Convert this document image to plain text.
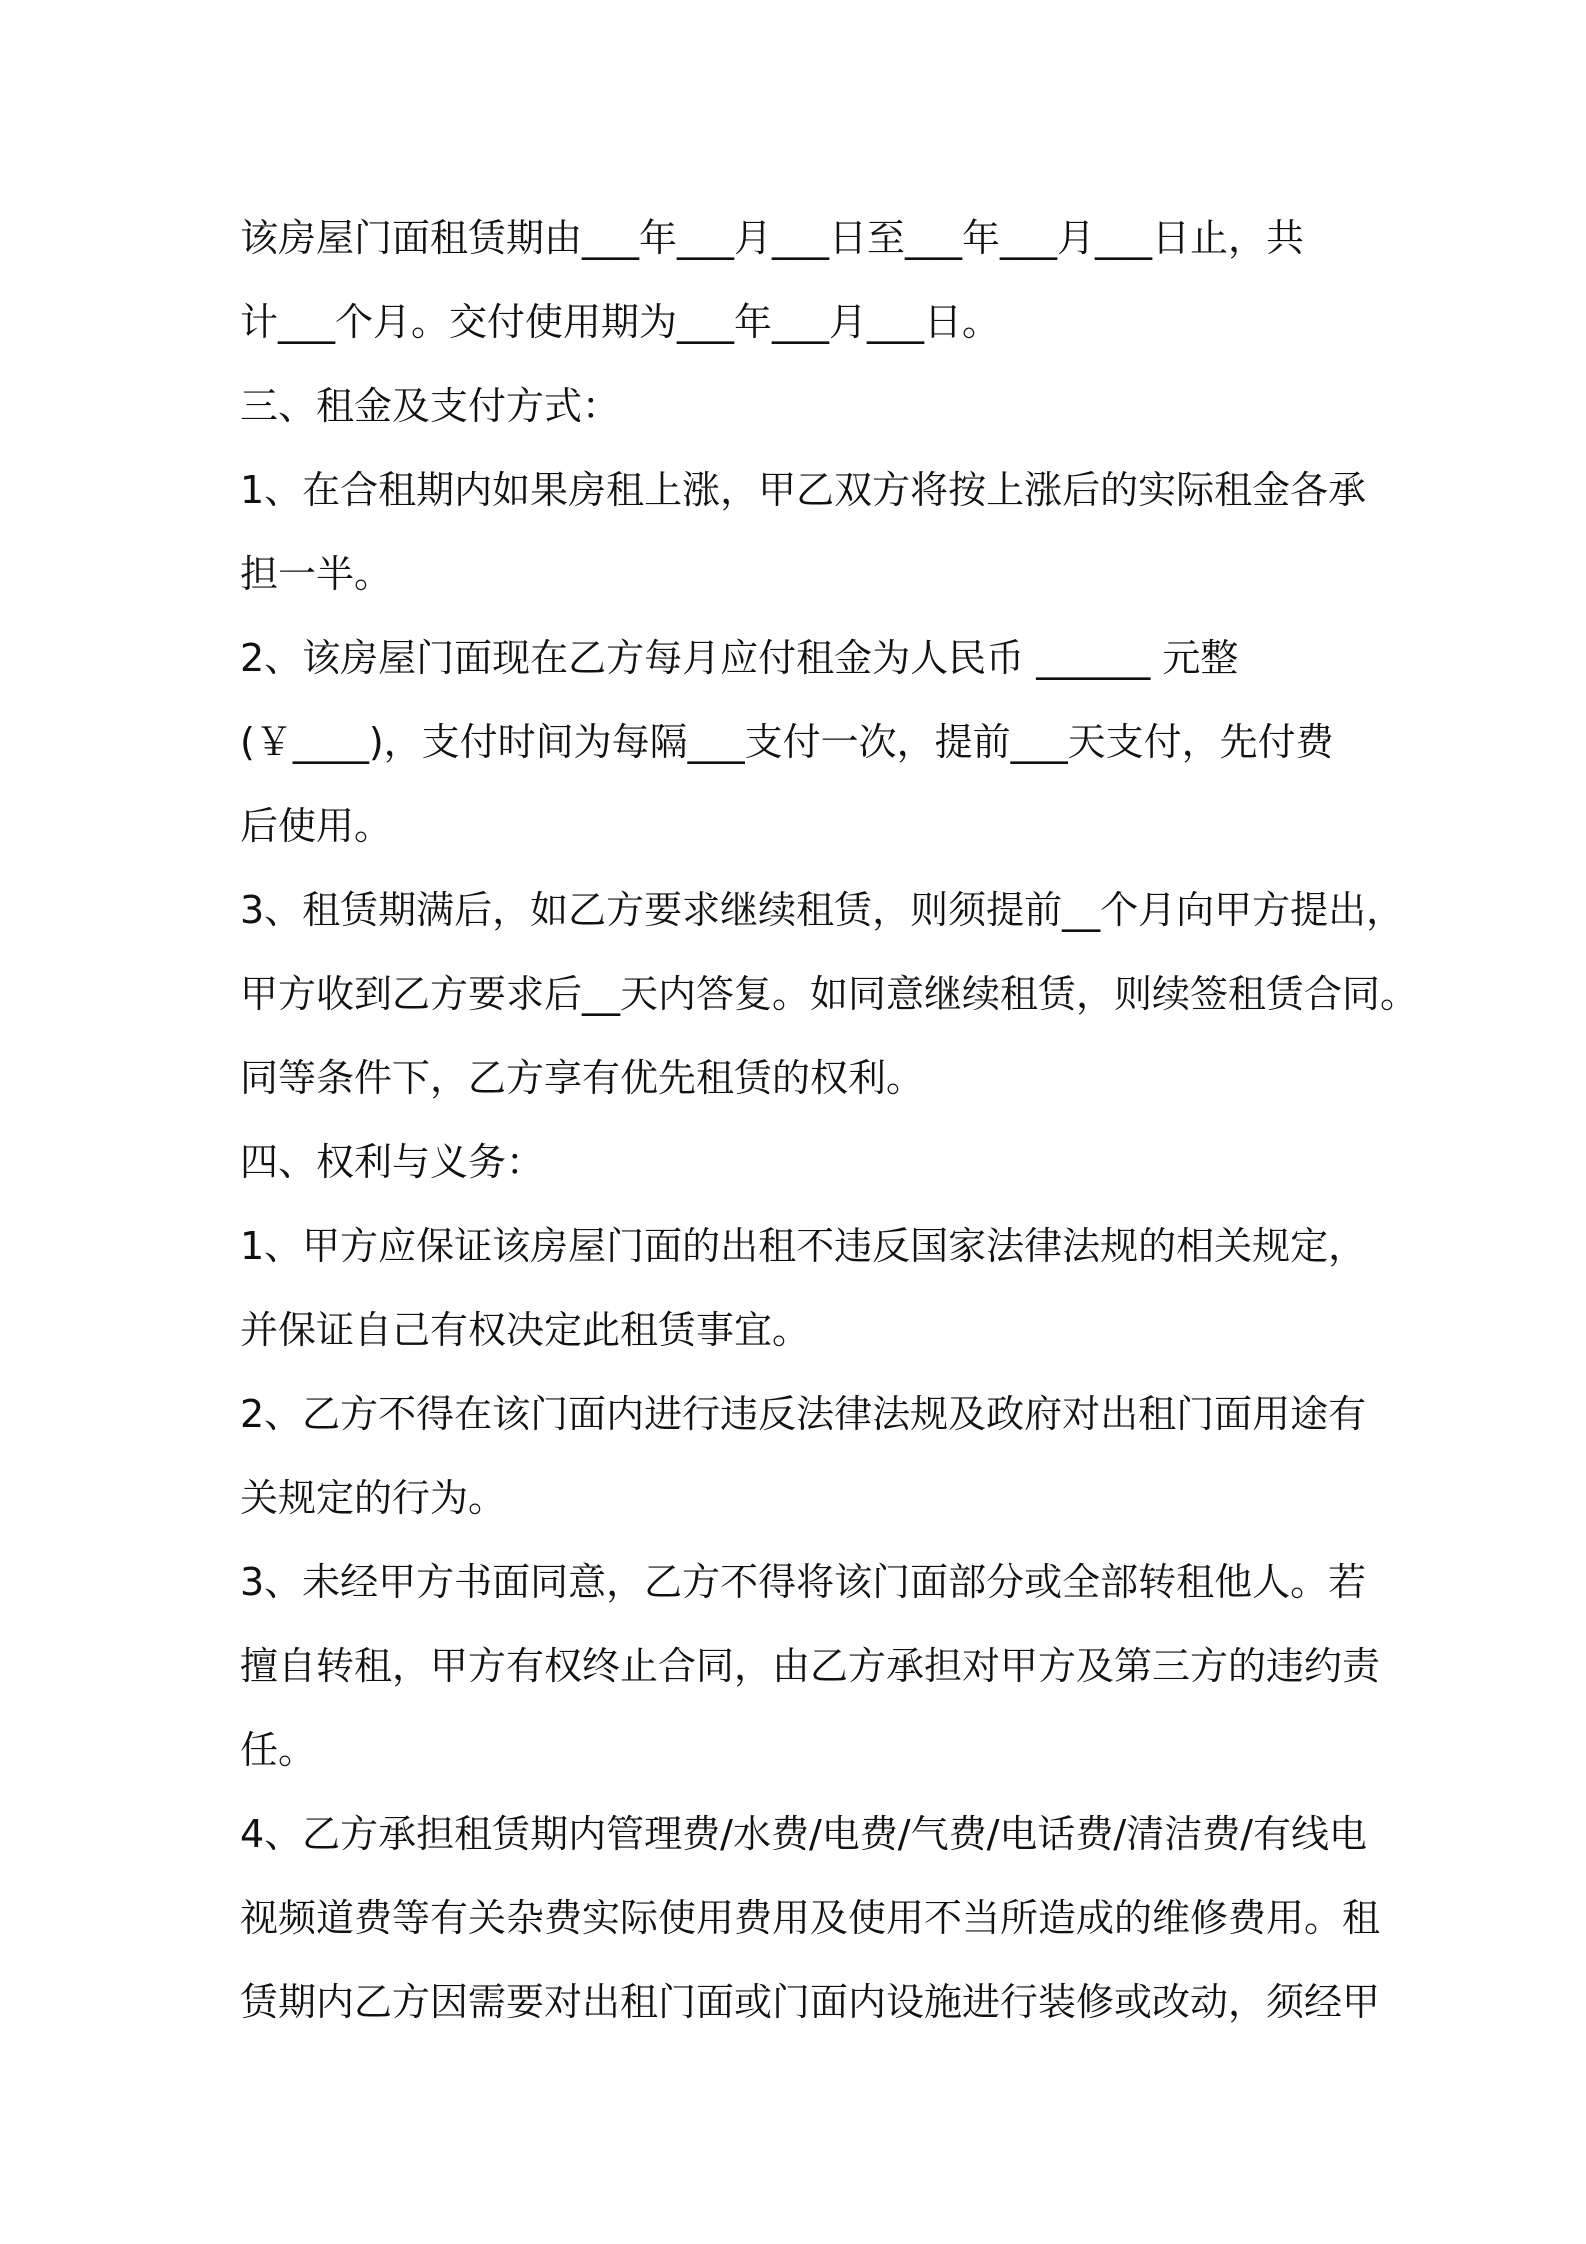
该房屋门面租赁期由___年___月___日至___年___月___日止，共
计___个月。交付使用期为___年___月___日。
三、租金及支付方式：
1、在合租期内如果房租上涨，甲乙双方将按上涨后的实际租金各承
担一半。
2、该房屋门面现在乙方每月应付租金为人民币 ______ 元整
(￥____)，支付时间为每隔___支付一次，提前___天支付，先付费
后使用。
3、租赁期满后，如乙方要求继续租赁，则须提前__个月向甲方提出，
甲方收到乙方要求后__天内答复。如同意继续租赁，则续签租赁合同。
同等条件下，乙方享有优先租赁的权利。
四、权利与义务：
1、甲方应保证该房屋门面的出租不违反国家法律法规的相关规定，
并保证自己有权决定此租赁事宜。
2、乙方不得在该门面内进行违反法律法规及政府对出租门面用途有
关规定的行为。
3、未经甲方书面同意，乙方不得将该门面部分或全部转租他人。若
擅自转租，甲方有权终止合同，由乙方承担对甲方及第三方的违约责
任。
4、乙方承担租赁期内管理费/水费/电费/气费/电话费/清洁费/有线电
视频道费等有关杂费实际使用费用及使用不当所造成的维修费用。租
赁期内乙方因需要对出租门面或门面内设施进行装修或改动，须经甲
